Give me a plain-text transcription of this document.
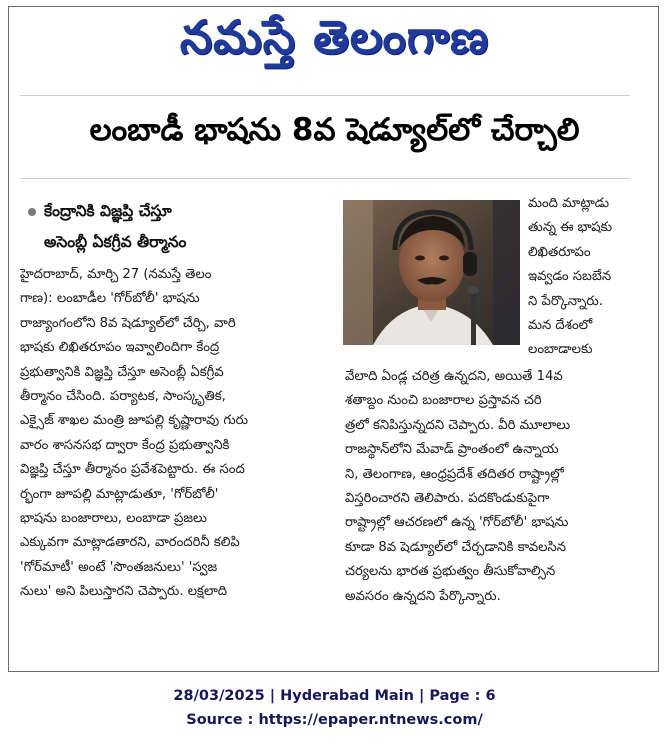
నమస్తే తెలంగాణ
లంబాడీ భాషను 8వ షెడ్యూల్‌లో చేర్చాలి
కేంద్రానికి విజ్ఞప్తి చేస్తూ

అసెంబ్లీ ఏకగ్రీవ తీర్మానం
హైదరాబాద్, మార్చి 27 (నమస్తే తెలం
గాణ): లంబాడీల 'గోర్‌బోలీ' భాషను
రాజ్యాంగంలోని 8వ షెడ్యూల్‌లో చేర్చి, వారి
భాషకు లిఖితరూపం ఇవ్వాలిందిగా కేంద్ర
ప్రభుత్వానికి విజ్ఞప్తి చేస్తూ అసెంబ్లీ ఏకగ్రీవ
తీర్మానం చేసింది. పర్యాటక, సాంస్కృతిక,
ఎక్సైజ్ శాఖల మంత్రి జూపల్లి కృష్ణారావు గురు
వారం శాసనసభ ద్వారా కేంద్ర ప్రభుత్వానికి
విజ్ఞప్తి చేస్తూ తీర్మానం ప్రవేశపెట్టారు. ఈ సంద
ర్భంగా జూపల్లి మాట్లాడుతూ, 'గోర్‌బోలీ'
భాషను బంజారాలు, లంబాడా ప్రజలు
ఎక్కువగా మాట్లాడతారని, వారందరినీ కలిపి
'గోర్‌మాటీ' అంటే 'సొంతజనులు' 'స్వజ
నులు' అని పిలుస్తారని చెప్పారు. లక్షలాది
మంది మాట్లాడు
తున్న ఈ భాషకు
లిఖితరూపం
ఇవ్వడం సబబేన
ని పేర్కొన్నారు.
మన దేశంలో
లంబాడాలకు
వేలాది ఏండ్ల చరిత్ర ఉన్నదని, అయితే 14వ
శతాబ్దం నుంచి బంజారాల ప్రస్తావన చరి
త్రలో కనిపిస్తున్నదని చెప్పారు. వీరి మూలాలు
రాజస్థాన్‌లోని మేవాడ్ ప్రాంతంలో ఉన్నాయ
ని, తెలంగాణ, ఆంధ్రప్రదేశ్ తదితర రాష్ట్రాల్లో
విస్తరించారని తెలిపారు. పదకొండుకుపైగా
రాష్ట్రాల్లో ఆచరణలో ఉన్న 'గోర్‌బోలీ' భాషను
కూడా 8వ షెడ్యూల్‌లో చేర్చడానికి కావలసిన
చర్యలను భారత ప్రభుత్వం తీసుకోవాల్సిన
అవసరం ఉన్నదని పేర్కొన్నారు.
28/03/2025 | Hyderabad Main | Page : 6
Source : https://epaper.ntnews.com/
